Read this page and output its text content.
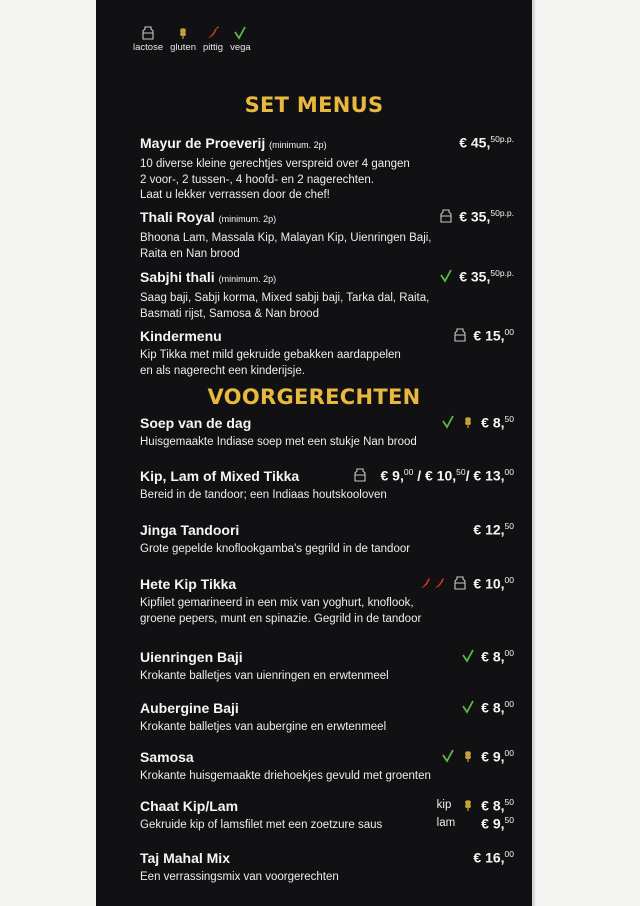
lactose gluten pittig vega
SET MENUS

Mayur de Proeverij (minimum. 2p)	€ 45,$^{50p.p.}$

10 diverse kleine gerechtjes verspreid over 4 gangen
2 voor-, 2 tussen-, 4 hoofd- en 2 nagerechten.
Laat u lekker verrassen door de chef!

Thali Royal (minimum. 2p)	€ 35,$^{50p.p.}$

Bhoona Lam, Massala Kip, Malayan Kip, Uienringen Baji,
Raita en Nan brood

Sabjhi thali (minimum. 2p)	€ 35,$^{50p.p.}$

Saag baji, Sabji korma, Mixed sabji baji, Tarka dal, Raita,
Basmati rijst, Samosa & Nan brood

Kindermenu	€ 15,00

Kip Tikka met mild gekruide gebakken aardappelen
en als nagerecht een kinderijsje.

VOORGERECHTEN

Soep van de dag	€ 8,50

Huisgemaakte Indiase soep met een stukje Nan brood

Kip, Lam of Mixed Tikka	€ 9,00 / € 10,50/ € 13,00

Bereid in de tandoor; een Indiaas houtskooloven

Jinga Tandoori	€ 12,50

Grote gepelde knoflookgamba's gegrild in de tandoor

Hete Kip Tikka	€ 10,00

Kipfilet gemarineerd in een mix van yoghurt, knoflook,
groene pepers, munt en spinazie. Gegrild in de tandoor

Uienringen Baji	€ 8,00

Krokante balletjes van uienringen en erwtenmeel

Aubergine Baji	€ 8,00

Krokante balletjes van aubergine en erwtenmeel

Samosa	€ 9,00

Krokante huisgemaakte driehoekjes gevuld met groenten

Chaat Kip/Lam	kip € 8,50
lam € 9,50

Gekruide kip of lamsfilet met een zoetzure saus

Taj Mahal Mix	€ 16,00

Een verrassingsmix van voorgerechten
